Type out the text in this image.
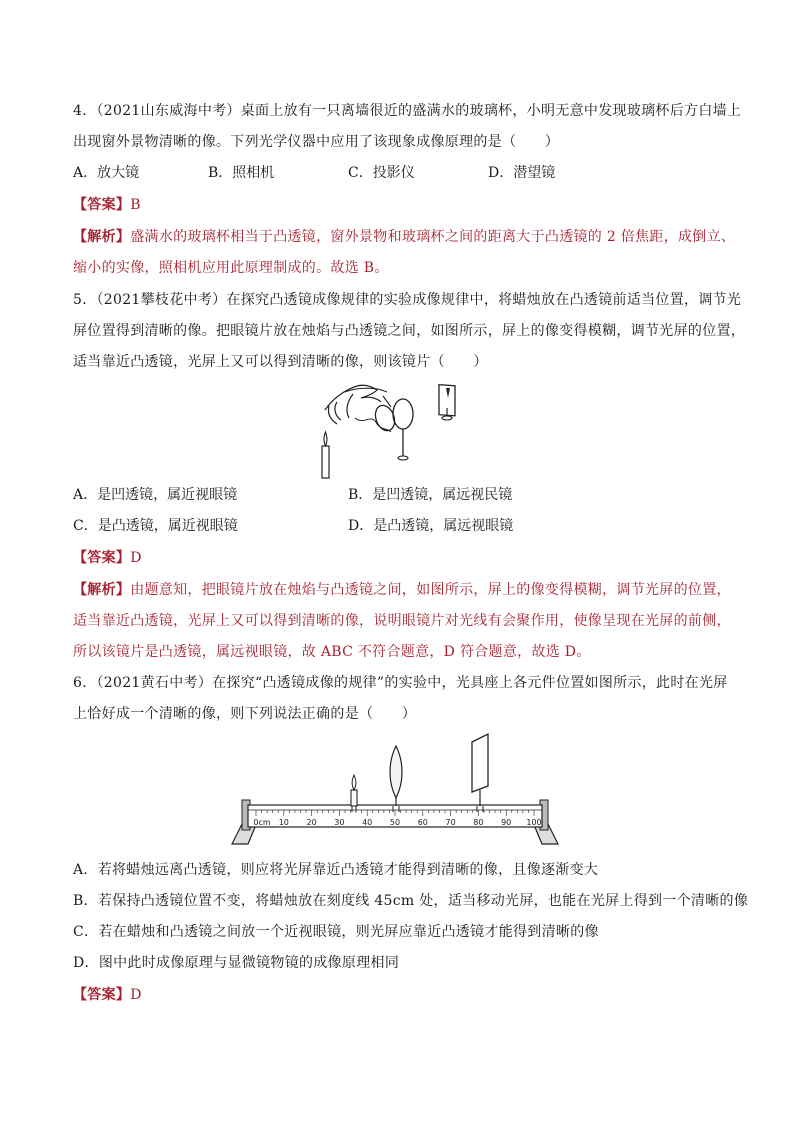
4．（2021山东威海中考）桌面上放有一只离墙很近的盛满水的玻璃杯，小明无意中发现玻璃杯后方白墙上
出现窗外景物清晰的像。下列光学仪器中应用了该现象成像原理的是（　　）
A．放大镜	B．照相机	C．投影仪	D．潜望镜
【答案】B
【解析】盛满水的玻璃杯相当于凸透镜，窗外景物和玻璃杯之间的距离大于凸透镜的 2 倍焦距，成倒立、
缩小的实像，照相机应用此原理制成的。故选 B。
5．（2021攀枝花中考）在探究凸透镜成像规律的实验成像规律中，将蜡烛放在凸透镜前适当位置，调节光
屏位置得到清晰的像。把眼镜片放在烛焰与凸透镜之间，如图所示，屏上的像变得模糊，调节光屏的位置，
适当靠近凸透镜，光屏上又可以得到清晰的像，则该镜片（　　）
A．是凹透镜，属近视眼镜	B．是凹透镜，属远视民镜
C．是凸透镜，属近视眼镜	D．是凸透镜，属远视眼镜
【答案】D
【解析】由题意知，把眼镜片放在烛焰与凸透镜之间，如图所示，屏上的像变得模糊，调节光屏的位置，
适当靠近凸透镜，光屏上又可以得到清晰的像，说明眼镜片对光线有会聚作用，使像呈现在光屏的前侧，
所以该镜片是凸透镜，属远视眼镜，故 ABC 不符合题意，D 符合题意，故选 D。
6．（2021黄石中考）在探究“凸透镜成像的规律”的实验中，光具座上各元件位置如图所示，此时在光屏
上恰好成一个清晰的像，则下列说法正确的是（　　）
0cm 10 20 30 40 50 60 70 80 90 100
A．若将蜡烛远离凸透镜，则应将光屏靠近凸透镜才能得到清晰的像，且像逐渐变大
B．若保持凸透镜位置不变，将蜡烛放在刻度线 45cm 处，适当移动光屏，也能在光屏上得到一个清晰的像
C．若在蜡烛和凸透镜之间放一个近视眼镜，则光屏应靠近凸透镜才能得到清晰的像
D．图中此时成像原理与显微镜物镜的成像原理相同
【答案】D
